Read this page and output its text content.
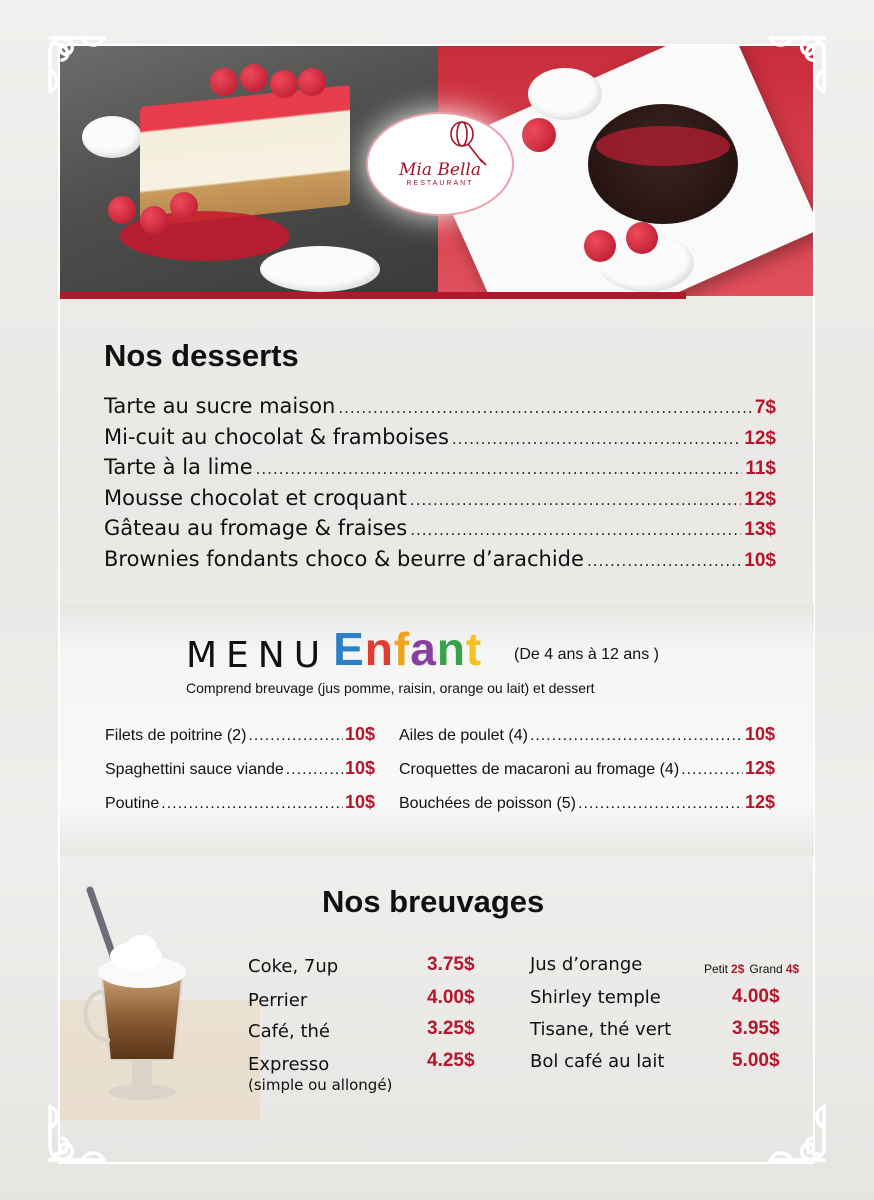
Mia Bella
RESTAURANT
Nos desserts
Tarte au sucre maison .....	7$
Mi-cuit au chocolat & framboises .....	12$
Tarte à la lime .....	11$
Mousse chocolat et croquant .....	12$
Gâteau au fromage & fraises .....	13$
Brownies fondants choco & beurre d’arachide .....	10$
MENU Enfant (De 4 ans à 12 ans )
Comprend breuvage (jus pomme, raisin, orange ou lait) et dessert
Filets de poitrine (2) .....	10$
Spaghettini sauce viande .....	10$
Poutine .....	10$
Ailes de poulet (4) .....	10$
Croquettes de macaroni au fromage (4) .....	12$
Bouchées de poisson (5) .....	12$
Nos breuvages
Coke, 7up	3.75$
Perrier	4.00$
Café, thé	3.25$
Expresso	4.25$
(simple ou allongé)
Jus d’orange	Petit 2$ Grand 4$
Shirley temple	4.00$
Tisane, thé vert	3.95$
Bol café au lait	5.00$
